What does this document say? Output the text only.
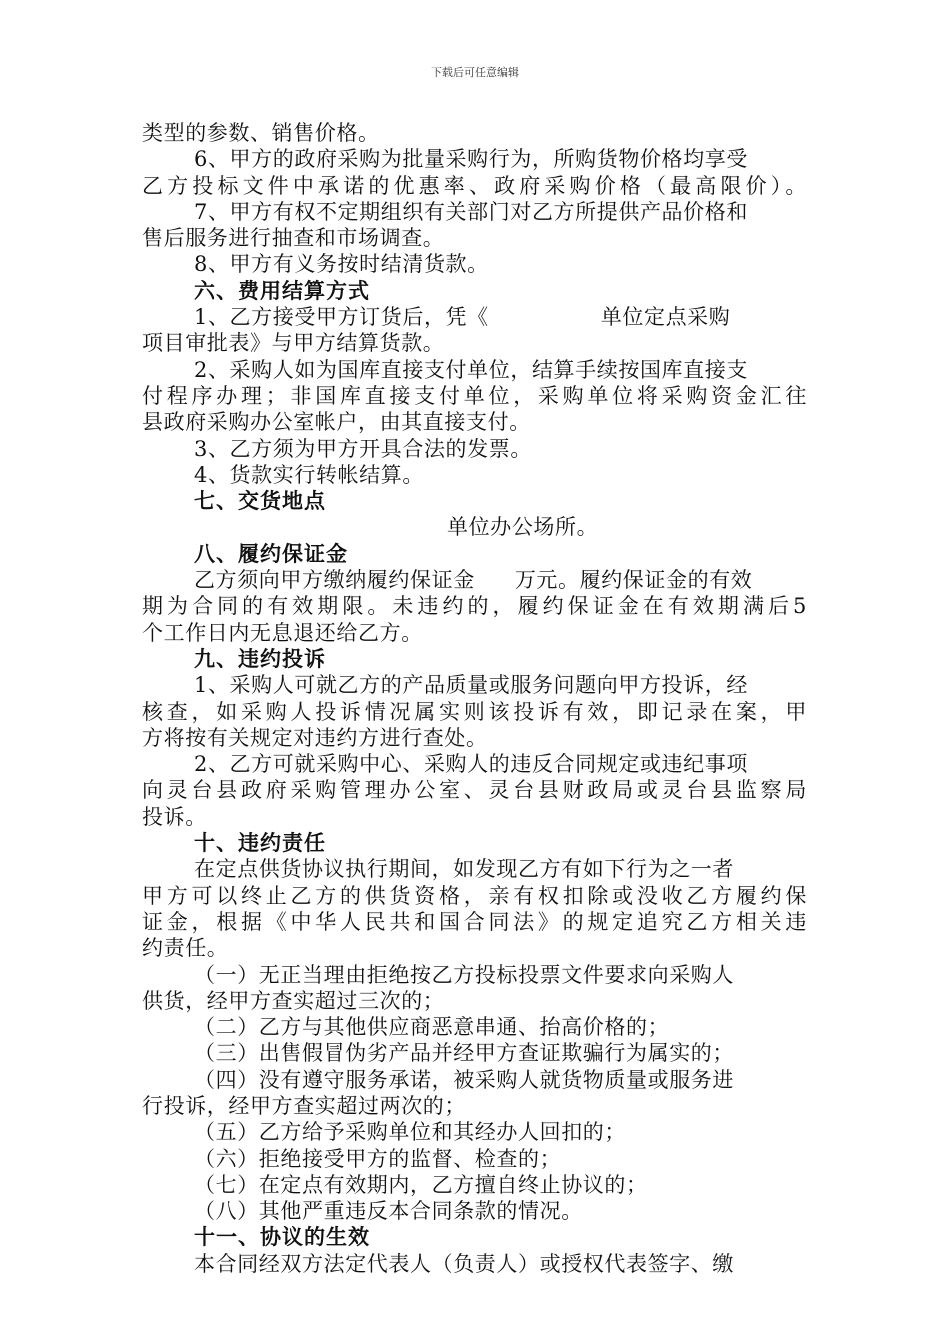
下载后可任意编辑
类型的参数、销售价格。
6、甲方的政府采购为批量采购行为，所购货物价格均享受
乙方投标文件中承诺的优惠率、政府采购价格（最高限价）。
7、甲方有权不定期组织有关部门对乙方所提供产品价格和
售后服务进行抽查和市场调查。
8、甲方有义务按时结清货款。
六、费用结算方式
1、乙方接受甲方订货后，凭《	单位定点采购
项目审批表》与甲方结算货款。
2、采购人如为国库直接支付单位，结算手续按国库直接支
付程序办理；非国库直接支付单位，采购单位将采购资金汇往
县政府采购办公室帐户，由其直接支付。
3、乙方须为甲方开具合法的发票。
4、货款实行转帐结算。
七、交货地点
单位办公场所。
八、履约保证金
乙方须向甲方缴纳履约保证金 万元。履约保证金的有效
期为合同的有效期限。未违约的，履约保证金在有效期满后5
个工作日内无息退还给乙方。
九、违约投诉
1、采购人可就乙方的产品质量或服务问题向甲方投诉，经
核查，如采购人投诉情况属实则该投诉有效，即记录在案，甲
方将按有关规定对违约方进行查处。
2、乙方可就采购中心、采购人的违反合同规定或违纪事项
向灵台县政府采购管理办公室、灵台县财政局或灵台县监察局
投诉。
十、违约责任
在定点供货协议执行期间，如发现乙方有如下行为之一者
甲方可以终止乙方的供货资格，亲有权扣除或没收乙方履约保
证金，根据《中华人民共和国合同法》的规定追究乙方相关违
约责任。
（一）无正当理由拒绝按乙方投标投票文件要求向采购人
供货，经甲方查实超过三次的；
（二）乙方与其他供应商恶意串通、抬高价格的；
（三）出售假冒伪劣产品并经甲方查证欺骗行为属实的；
（四）没有遵守服务承诺，被采购人就货物质量或服务进
行投诉，经甲方查实超过两次的；
（五）乙方给予采购单位和其经办人回扣的；
（六）拒绝接受甲方的监督、检查的；
（七）在定点有效期内，乙方擅自终止协议的；
（八）其他严重违反本合同条款的情况。
十一、协议的生效
本合同经双方法定代表人（负责人）或授权代表签字、缴
